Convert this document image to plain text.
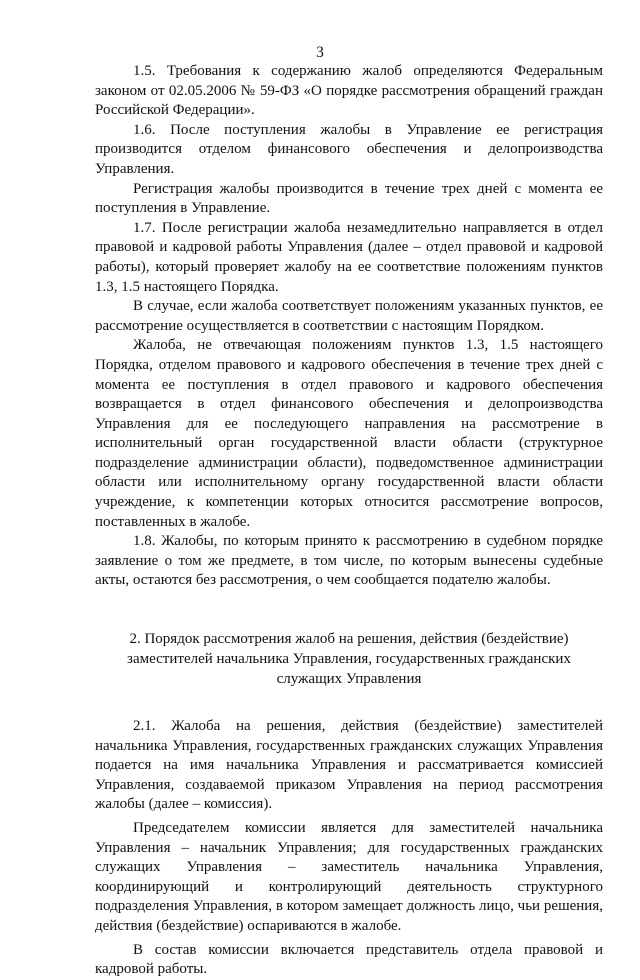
3

1.5. Требования к содержанию жалоб определяются Федеральным законом от 02.05.2006 № 59-ФЗ «О порядке рассмотрения обращений граждан Российской Федерации».

1.6. После поступления жалобы в Управление ее регистрация производится отделом финансового обеспечения и делопроизводства Управления.

Регистрация жалобы производится в течение трех дней с момента ее поступления в Управление.

1.7. После регистрации жалоба незамедлительно направляется в отдел правовой и кадровой работы Управления (далее – отдел правовой и кадровой работы), который проверяет жалобу на ее соответствие положениям пунктов 1.3, 1.5 настоящего Порядка.

В случае, если жалоба соответствует положениям указанных пунктов, ее рассмотрение осуществляется в соответствии с настоящим Порядком.

Жалоба, не отвечающая положениям пунктов 1.3, 1.5 настоящего Порядка, отделом правового и кадрового обеспечения в течение трех дней с момента ее поступления в отдел правового и кадрового обеспечения возвращается в отдел финансового обеспечения и делопроизводства Управления для ее последующего направления на рассмотрение в исполнительный орган государственной власти области (структурное подразделение администрации области), подведомственное администрации области или исполнительному органу государственной власти области учреждение, к компетенции которых относится рассмотрение вопросов, поставленных в жалобе.

1.8. Жалобы, по которым принято к рассмотрению в судебном порядке заявление о том же предмете, в том числе, по которым вынесены судебные акты, остаются без рассмотрения, о чем сообщается подателю жалобы.

2. Порядок рассмотрения жалоб на решения, действия (бездействие) заместителей начальника Управления, государственных гражданских служащих Управления

2.1. Жалоба на решения, действия (бездействие) заместителей начальника Управления, государственных гражданских служащих Управления подается на имя начальника Управления и рассматривается комиссией Управления, создаваемой приказом Управления на период рассмотрения жалобы (далее – комиссия).

Председателем комиссии является для заместителей начальника Управления – начальник Управления; для государственных гражданских служащих Управления – заместитель начальника Управления, координирующий и контролирующий деятельность структурного подразделения Управления, в котором замещает должность лицо, чьи решения, действия (бездействие) оспариваются в жалобе.

В состав комиссии включается представитель отдела правовой и кадровой работы.
